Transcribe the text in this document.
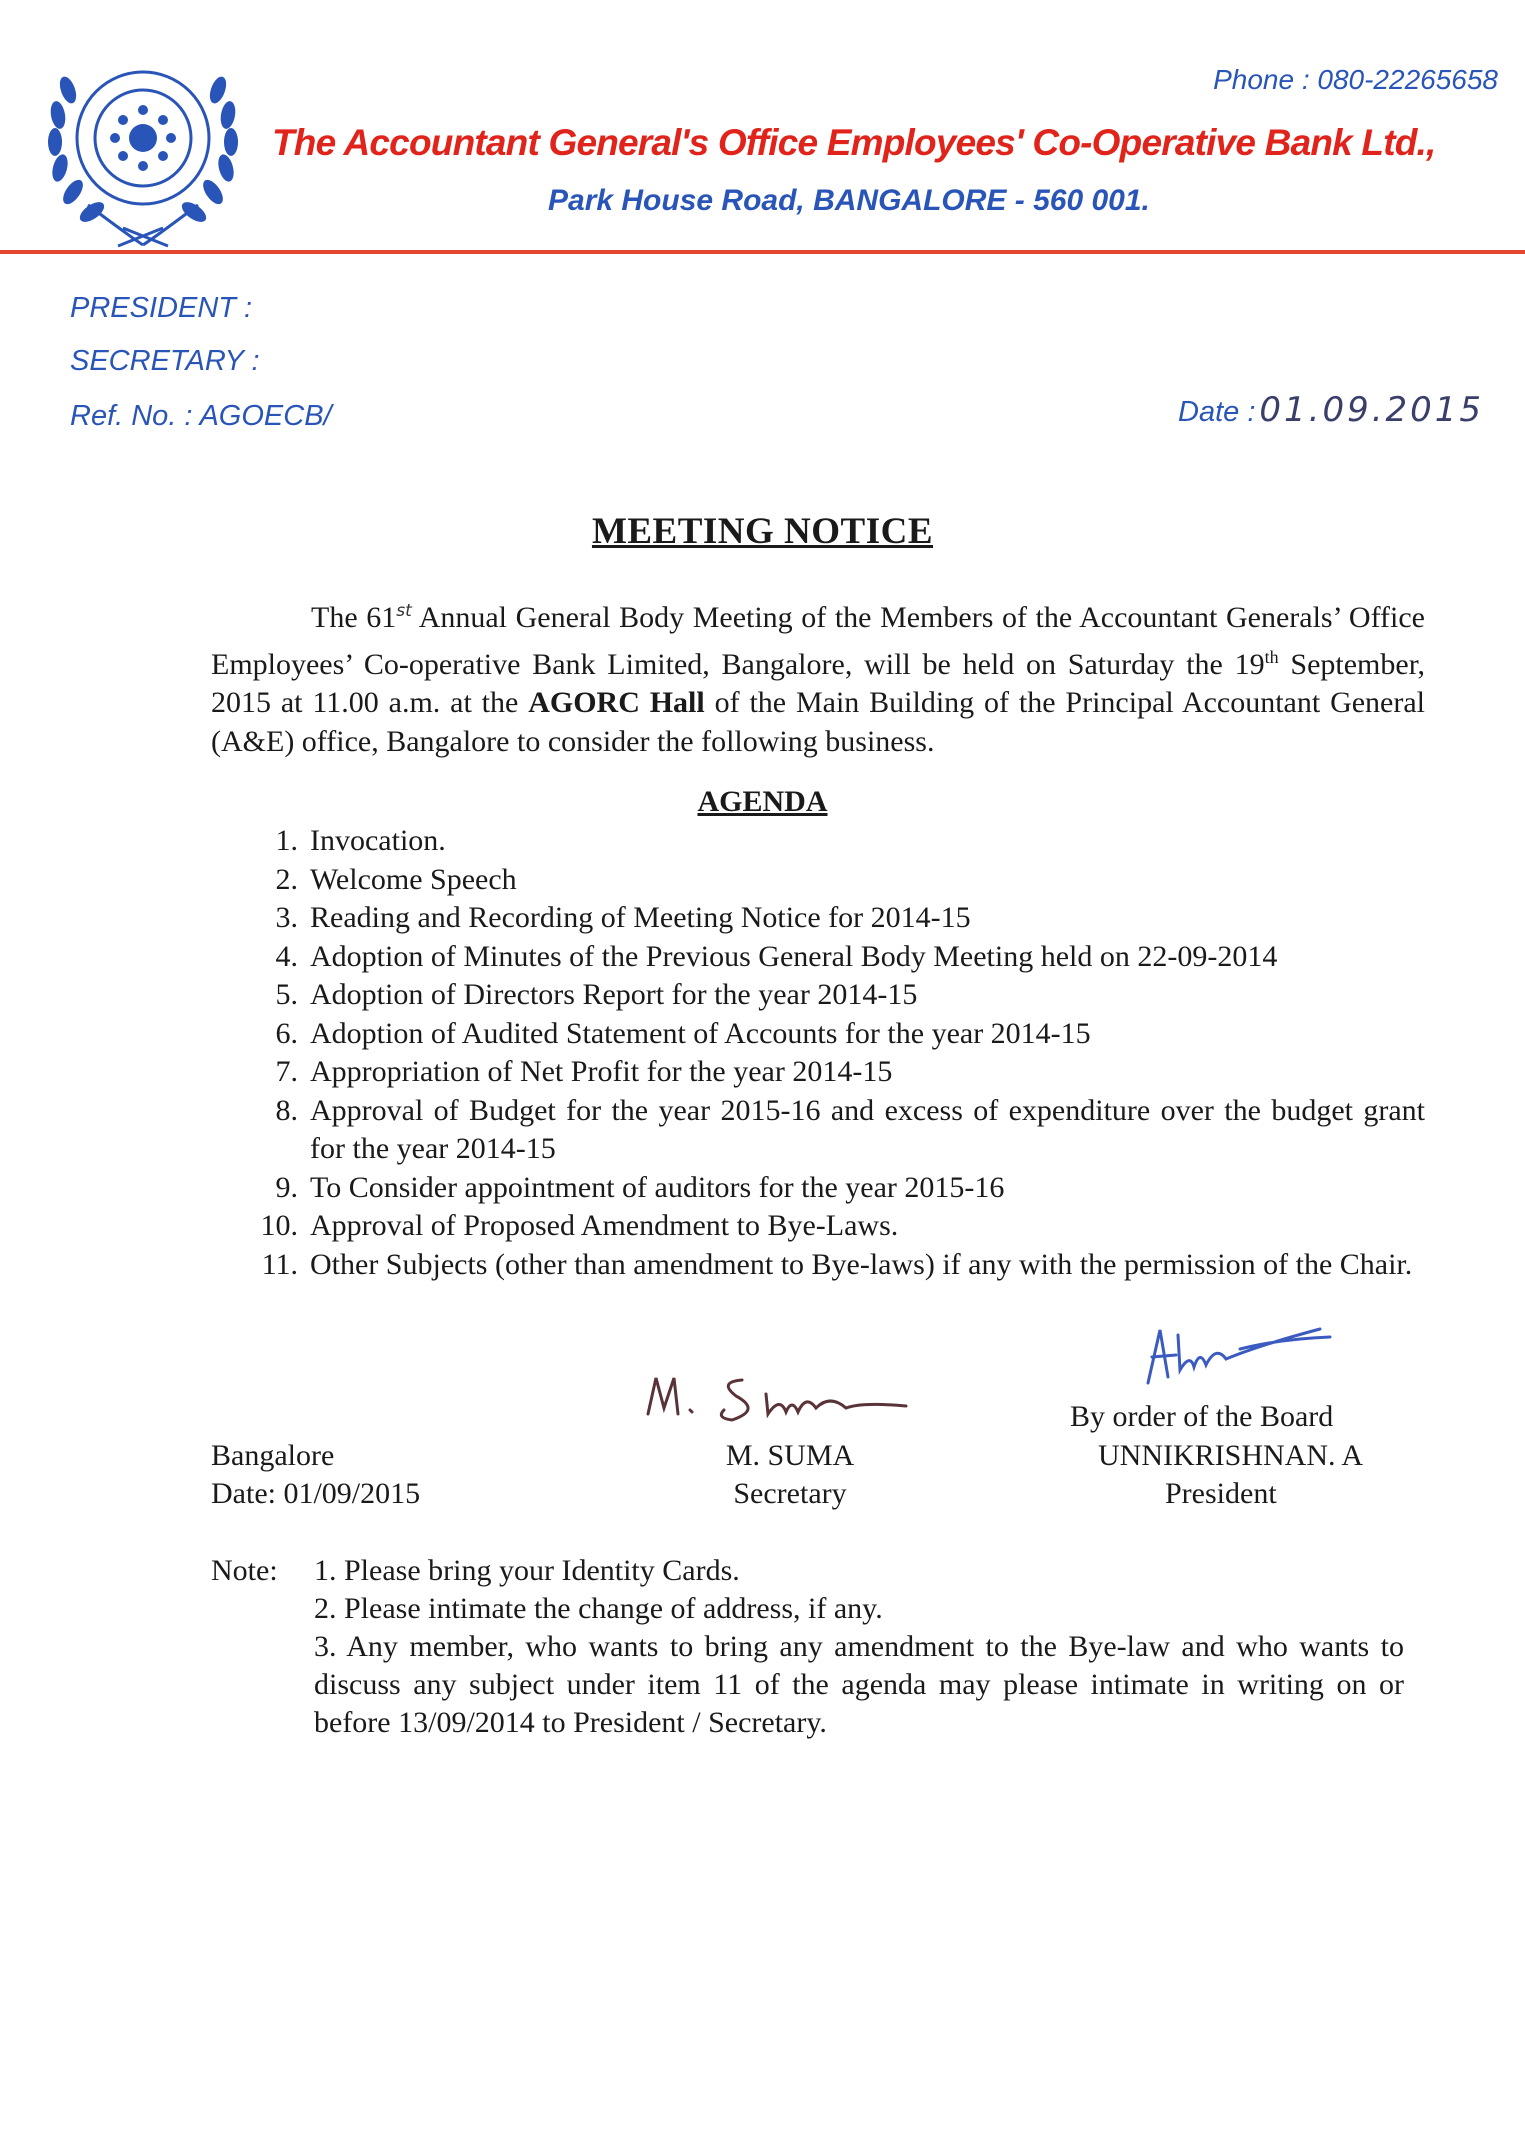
Phone : 080-22265658
The Accountant General's Office Employees' Co-Operative Bank Ltd.,
Park House Road, BANGALORE - 560 001.
PRESIDENT :
SECRETARY :
Ref. No. : AGOECB/	Date : 01.09.2015
MEETING NOTICE
The 61st Annual General Body Meeting of the Members of the Accountant Generals’ Office Employees’ Co-operative Bank Limited, Bangalore, will be held on Saturday the 19th September, 2015 at 11.00 a.m. at the AGORC Hall of the Main Building of the Principal Accountant General (A&E) office, Bangalore to consider the following business.
AGENDA
1. Invocation.
2. Welcome Speech
3. Reading and Recording of Meeting Notice for 2014-15
4. Adoption of Minutes of the Previous General Body Meeting held on 22-09-2014
5. Adoption of Directors Report for the year 2014-15
6. Adoption of Audited Statement of Accounts for the year 2014-15
7. Appropriation of Net Profit for the year 2014-15
8. Approval of Budget for the year 2015-16 and excess of expenditure over the budget grant for the year 2014-15
9. To Consider appointment of auditors for the year 2015-16
10. Approval of Proposed Amendment to Bye-Laws.
11. Other Subjects (other than amendment to Bye-laws) if any with the permission of the Chair.
Bangalore
Date: 01/09/2015
M. SUMA
Secretary
By order of the Board
UNNIKRISHNAN. A
President
Note: 1. Please bring your Identity Cards.
2. Please intimate the change of address, if any.
3. Any member, who wants to bring any amendment to the Bye-law and who wants to discuss any subject under item 11 of the agenda may please intimate in writing on or before 13/09/2014 to President / Secretary.
